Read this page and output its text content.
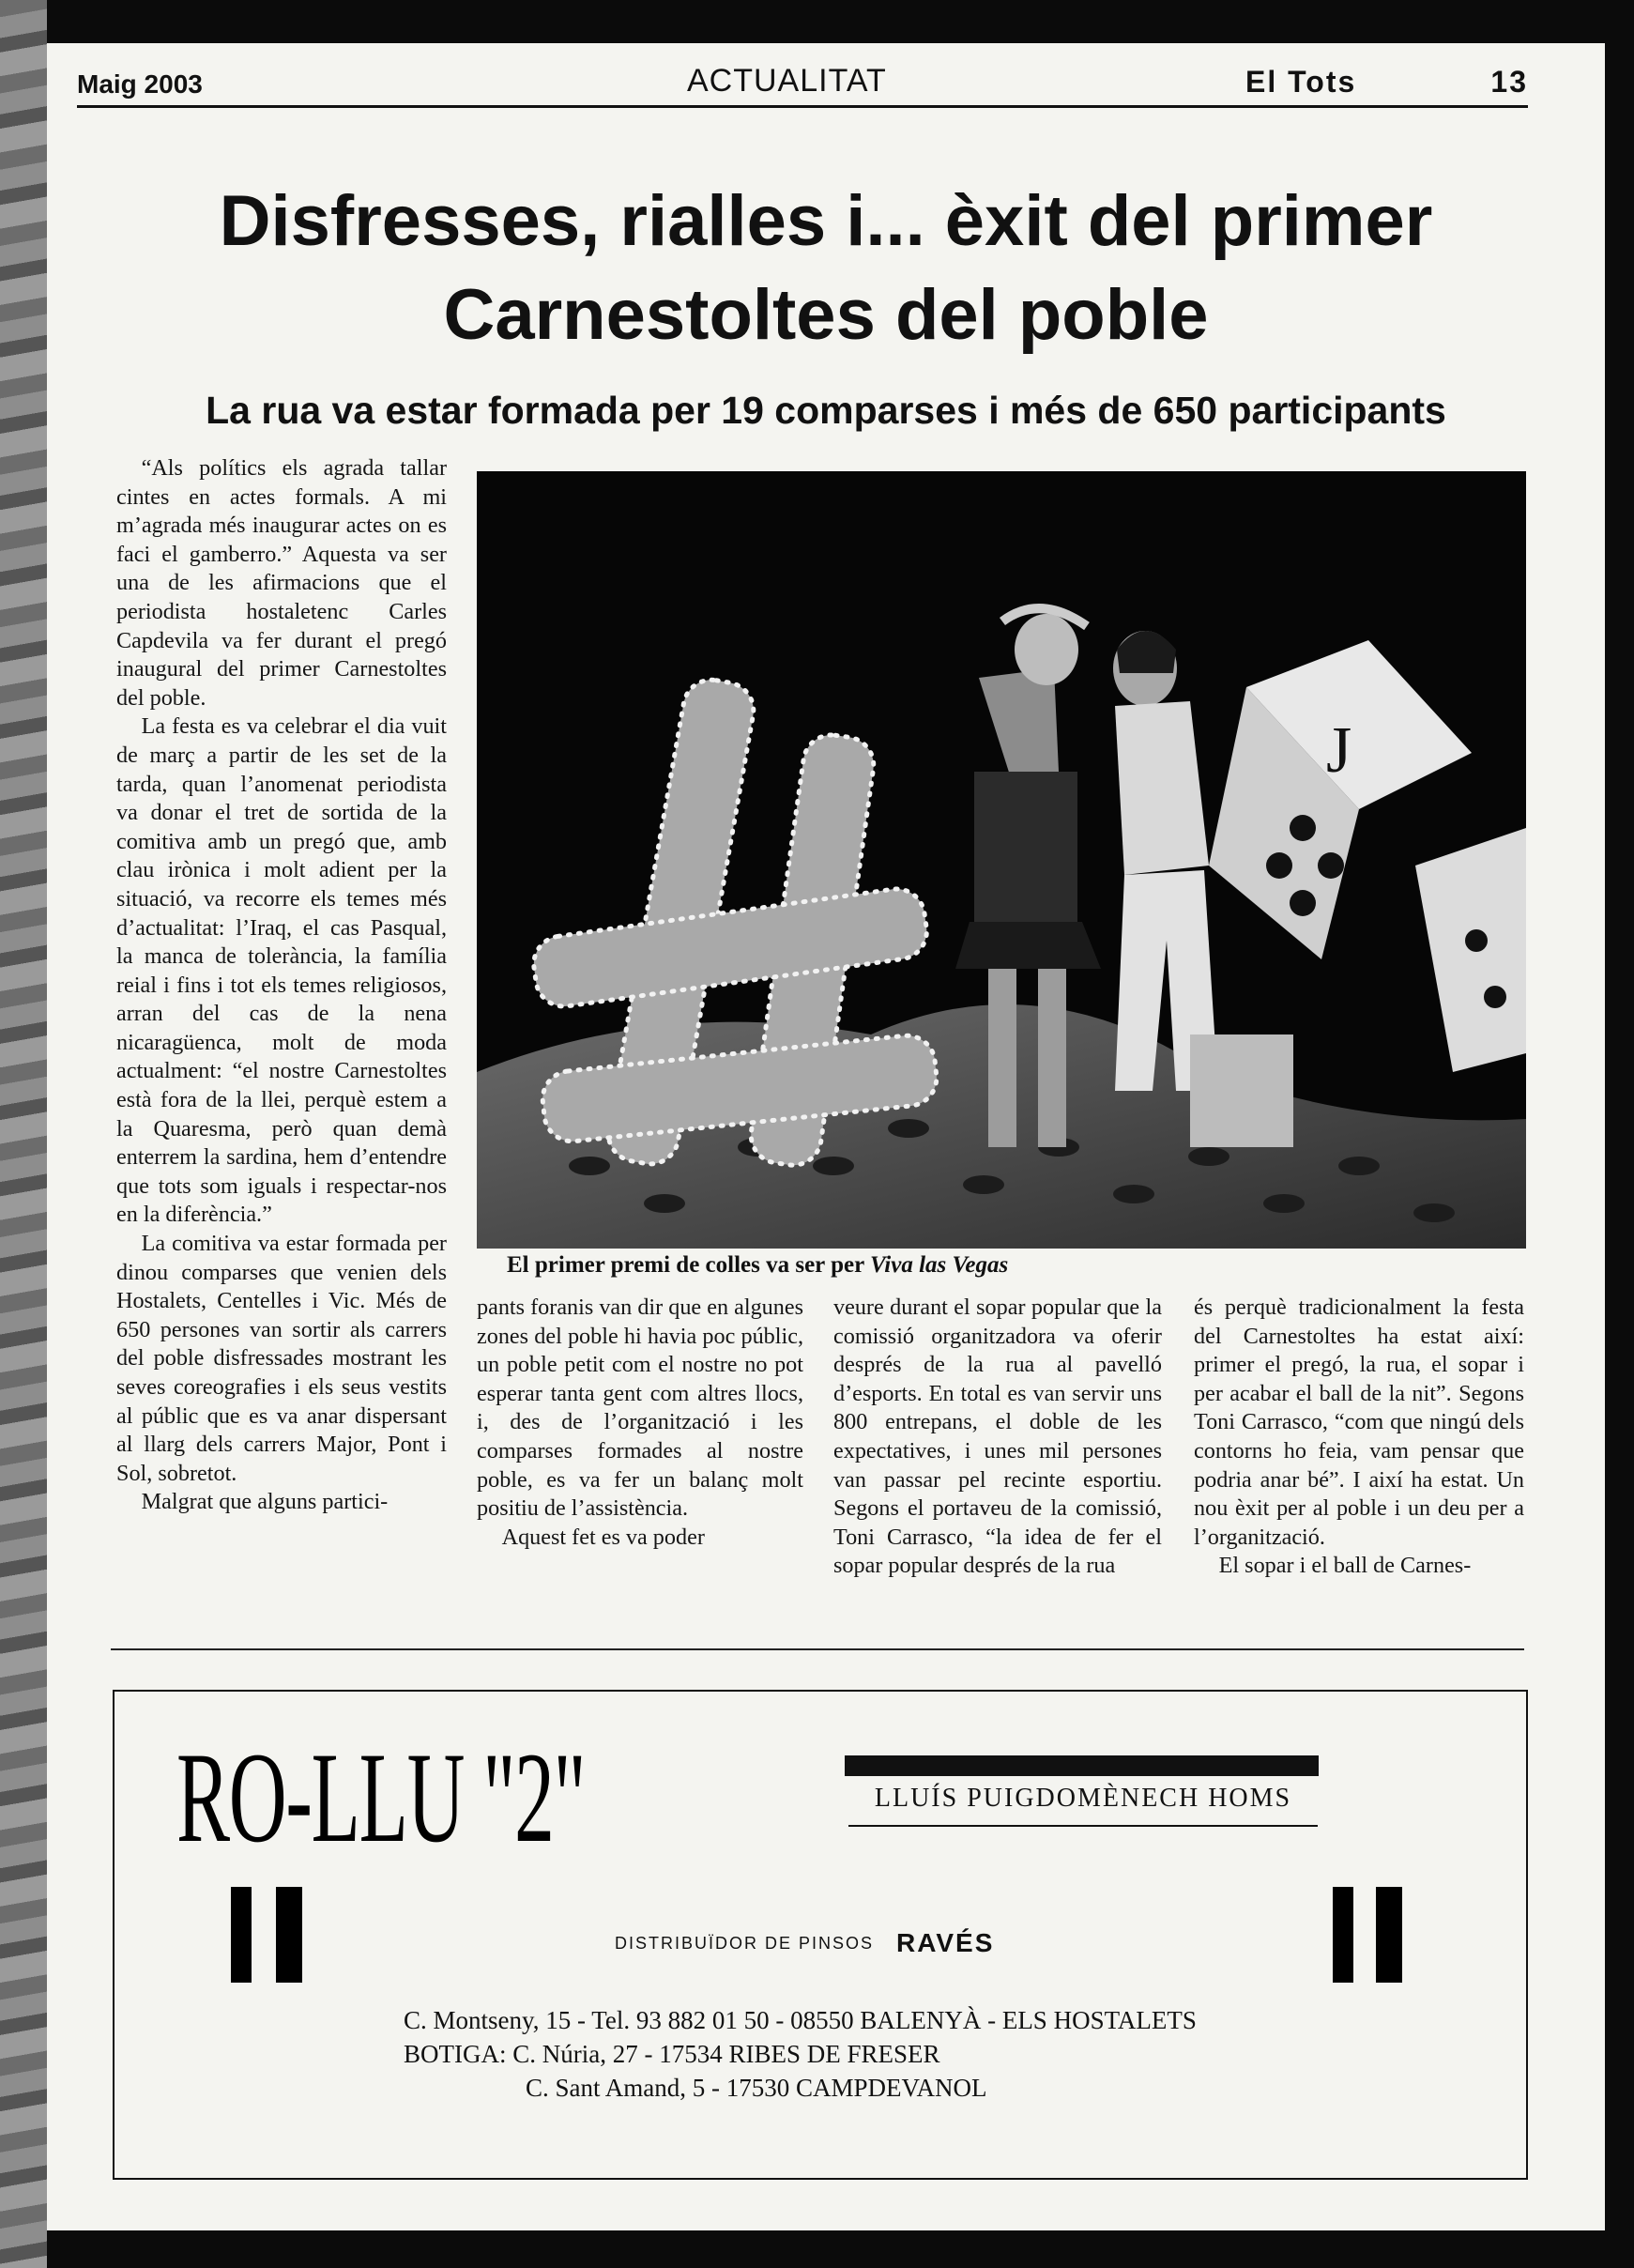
Maig 2003	ACTUALITAT	El Tots	13
Disfresses, rialles i... èxit del primer
Carnestoltes del poble
La rua va estar formada per 19 comparses i més de 650 participants

“Als polítics els agrada tallar cintes en actes formals. A mi m’agrada més inaugurar actes on es faci el gamberro.” Aquesta va ser una de les afirmacions que el periodista hostaletenc Carles Capdevila va fer durant el pregó inaugural del primer Carnestoltes del poble.

La festa es va celebrar el dia vuit de març a partir de les set de la tarda, quan l’anomenat periodista va donar el tret de sortida de la comitiva amb un pregó que, amb clau irònica i molt adient per la situació, va recorre els temes més d’actualitat: l’Iraq, el cas Pasqual, la manca de tolerància, la família reial i fins i tot els temes religiosos, arran del cas de la nena nicaragüenca, molt de moda actualment: “el nostre Carnestoltes està fora de la llei, perquè estem a la Quaresma, però quan demà enterrem la sardina, hem d’entendre que tots som iguals i respectar-nos en la diferència.”

La comitiva va estar formada per dinou comparses que venien dels Hostalets, Centelles i Vic. Més de 650 persones van sortir als carrers del poble disfressades mostrant les seves coreografies i els seus vestits al públic que es va anar dispersant al llarg dels carrers Major, Pont i Sol, sobretot.

Malgrat que alguns partici-

J

El primer premi de colles va ser per Viva las Vegas

pants foranis van dir que en algunes zones del poble hi havia poc públic, un poble petit com el nostre no pot esperar tanta gent com altres llocs, i, des de l’organització i les comparses formades al nostre poble, es va fer un balanç molt positiu de l’assistència.

Aquest fet es va poder

veure durant el sopar popular que la comissió organitzadora va oferir després de la rua al pavelló d’esports. En total es van servir uns 800 entrepans, el doble de les expectatives, i unes mil persones van passar pel recinte esportiu. Segons el portaveu de la comissió, Toni Carrasco, “la idea de fer el sopar popular després de la rua

és perquè tradicionalment la festa del Carnestoltes ha estat així: primer el pregó, la rua, el sopar i per acabar el ball de la nit”. Segons Toni Carrasco, “com que ningú dels contorns ho feia, vam pensar que podria anar bé”. I així ha estat. Un nou èxit per al poble i un deu per a l’organització.

El sopar i el ball de Carnes-

RO-LLU "2"	LLUÍS PUIGDOMÈNECH HOMS

DISTRIBUÏDOR DE PINSOS RAVÉS

C. Montseny, 15 - Tel. 93 882 01 50 - 08550 BALENYÀ - ELS HOSTALETS
BOTIGA: C. Núria, 27 - 17534 RIBES DE FRESER
C. Sant Amand, 5 - 17530 CAMPDEVANOL
